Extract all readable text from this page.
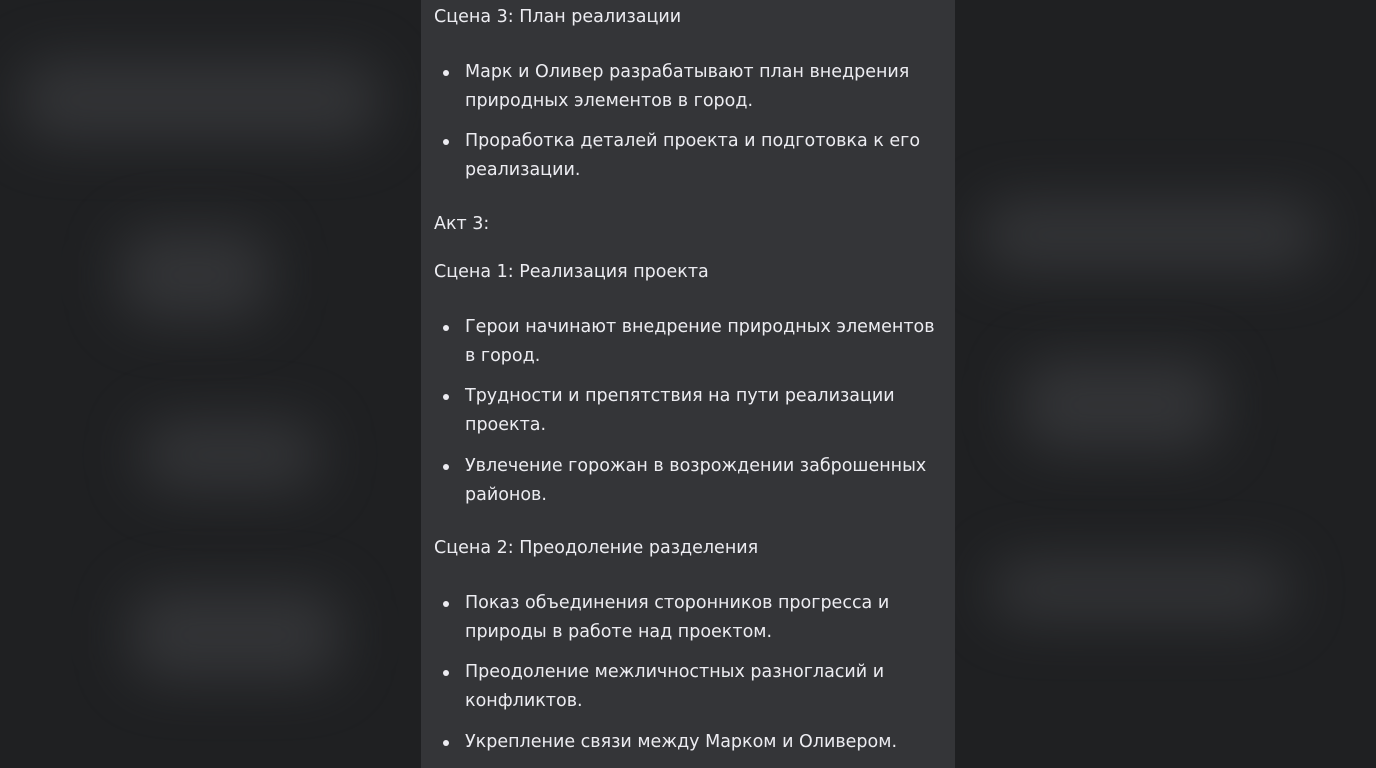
Сцена 3: План реализации

Марк и Оливер разрабатывают план внедрения природных элементов в город.
Проработка деталей проекта и подготовка к его реализации.

Акт 3:

Сцена 1: Реализация проекта

Герои начинают внедрение природных элементов в город.
Трудности и препятствия на пути реализации проекта.
Увлечение горожан в возрождении заброшенных районов.

Сцена 2: Преодоление разделения

Показ объединения сторонников прогресса и природы в работе над проектом.
Преодоление межличностных разногласий и конфликтов.
Укрепление связи между Марком и Оливером.
